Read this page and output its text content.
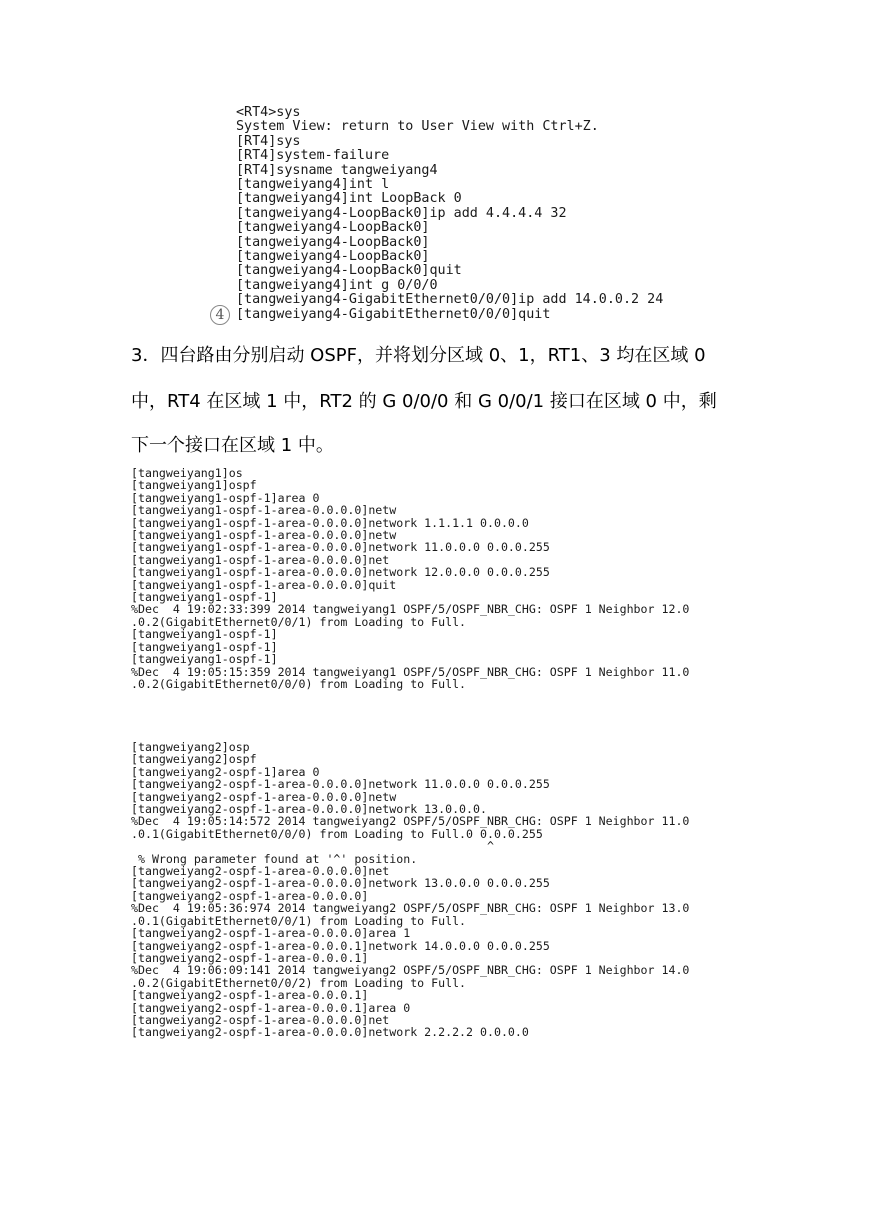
4
<RT4>sys
System View: return to User View with Ctrl+Z.
[RT4]sys
[RT4]system-failure
[RT4]sysname tangweiyang4
[tangweiyang4]int l
[tangweiyang4]int LoopBack 0
[tangweiyang4-LoopBack0]ip add 4.4.4.4 32
[tangweiyang4-LoopBack0]
[tangweiyang4-LoopBack0]
[tangweiyang4-LoopBack0]
[tangweiyang4-LoopBack0]quit
[tangweiyang4]int g 0/0/0
[tangweiyang4-GigabitEthernet0/0/0]ip add 14.0.0.2 24
[tangweiyang4-GigabitEthernet0/0/0]quit

3．四台路由分别启动 OSPF，并将划分区域 0、1，RT1、3 均在区域 0

中，RT4 在区域 1 中，RT2 的 G 0/0/0 和 G 0/0/1 接口在区域 0 中，剩

下一个接口在区域 1 中。

[tangweiyang1]os
[tangweiyang1]ospf
[tangweiyang1-ospf-1]area 0
[tangweiyang1-ospf-1-area-0.0.0.0]netw
[tangweiyang1-ospf-1-area-0.0.0.0]network 1.1.1.1 0.0.0.0
[tangweiyang1-ospf-1-area-0.0.0.0]netw
[tangweiyang1-ospf-1-area-0.0.0.0]network 11.0.0.0 0.0.0.255
[tangweiyang1-ospf-1-area-0.0.0.0]net
[tangweiyang1-ospf-1-area-0.0.0.0]network 12.0.0.0 0.0.0.255
[tangweiyang1-ospf-1-area-0.0.0.0]quit
[tangweiyang1-ospf-1]
%Dec  4 19:02:33:399 2014 tangweiyang1 OSPF/5/OSPF_NBR_CHG: OSPF 1 Neighbor 12.0
.0.2(GigabitEthernet0/0/1) from Loading to Full.
[tangweiyang1-ospf-1]
[tangweiyang1-ospf-1]
[tangweiyang1-ospf-1]
%Dec  4 19:05:15:359 2014 tangweiyang1 OSPF/5/OSPF_NBR_CHG: OSPF 1 Neighbor 11.0
.0.2(GigabitEthernet0/0/0) from Loading to Full.
[tangweiyang2]osp
[tangweiyang2]ospf
[tangweiyang2-ospf-1]area 0
[tangweiyang2-ospf-1-area-0.0.0.0]network 11.0.0.0 0.0.0.255
[tangweiyang2-ospf-1-area-0.0.0.0]netw
[tangweiyang2-ospf-1-area-0.0.0.0]network 13.0.0.0.
%Dec  4 19:05:14:572 2014 tangweiyang2 OSPF/5/OSPF_NBR_CHG: OSPF 1 Neighbor 11.0
.0.1(GigabitEthernet0/0/0) from Loading to Full.0 0.0.0.255
^
% Wrong parameter found at '^' position.
[tangweiyang2-ospf-1-area-0.0.0.0]net
[tangweiyang2-ospf-1-area-0.0.0.0]network 13.0.0.0 0.0.0.255
[tangweiyang2-ospf-1-area-0.0.0.0]
%Dec  4 19:05:36:974 2014 tangweiyang2 OSPF/5/OSPF_NBR_CHG: OSPF 1 Neighbor 13.0
.0.1(GigabitEthernet0/0/1) from Loading to Full.
[tangweiyang2-ospf-1-area-0.0.0.0]area 1
[tangweiyang2-ospf-1-area-0.0.0.1]network 14.0.0.0 0.0.0.255
[tangweiyang2-ospf-1-area-0.0.0.1]
%Dec  4 19:06:09:141 2014 tangweiyang2 OSPF/5/OSPF_NBR_CHG: OSPF 1 Neighbor 14.0
.0.2(GigabitEthernet0/0/2) from Loading to Full.
[tangweiyang2-ospf-1-area-0.0.0.1]
[tangweiyang2-ospf-1-area-0.0.0.1]area 0
[tangweiyang2-ospf-1-area-0.0.0.0]net
[tangweiyang2-ospf-1-area-0.0.0.0]network 2.2.2.2 0.0.0.0
